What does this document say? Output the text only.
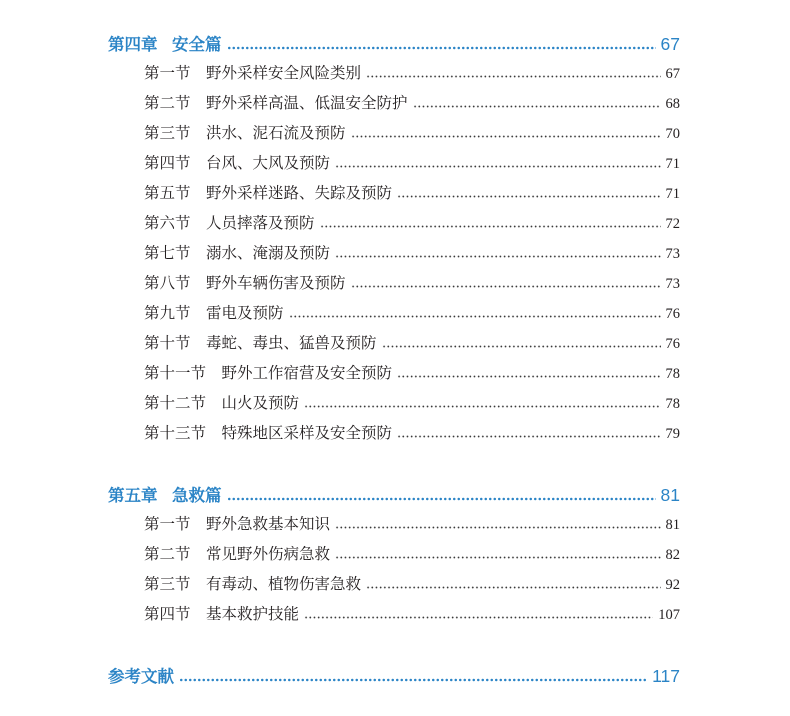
第四章 安全篇	67
第一节 野外采样安全风险类别	67
第二节 野外采样高温、低温安全防护	68
第三节 洪水、泥石流及预防	70
第四节 台风、大风及预防	71
第五节 野外采样迷路、失踪及预防	71
第六节 人员摔落及预防	72
第七节 溺水、淹溺及预防	73
第八节 野外车辆伤害及预防	73
第九节 雷电及预防	76
第十节 毒蛇、毒虫、猛兽及预防	76
第十一节 野外工作宿营及安全预防	78
第十二节 山火及预防	78
第十三节 特殊地区采样及安全预防	79
第五章 急救篇	81
第一节 野外急救基本知识	81
第二节 常见野外伤病急救	82
第三节 有毒动、植物伤害急救	92
第四节 基本救护技能	107
参考文献	117
